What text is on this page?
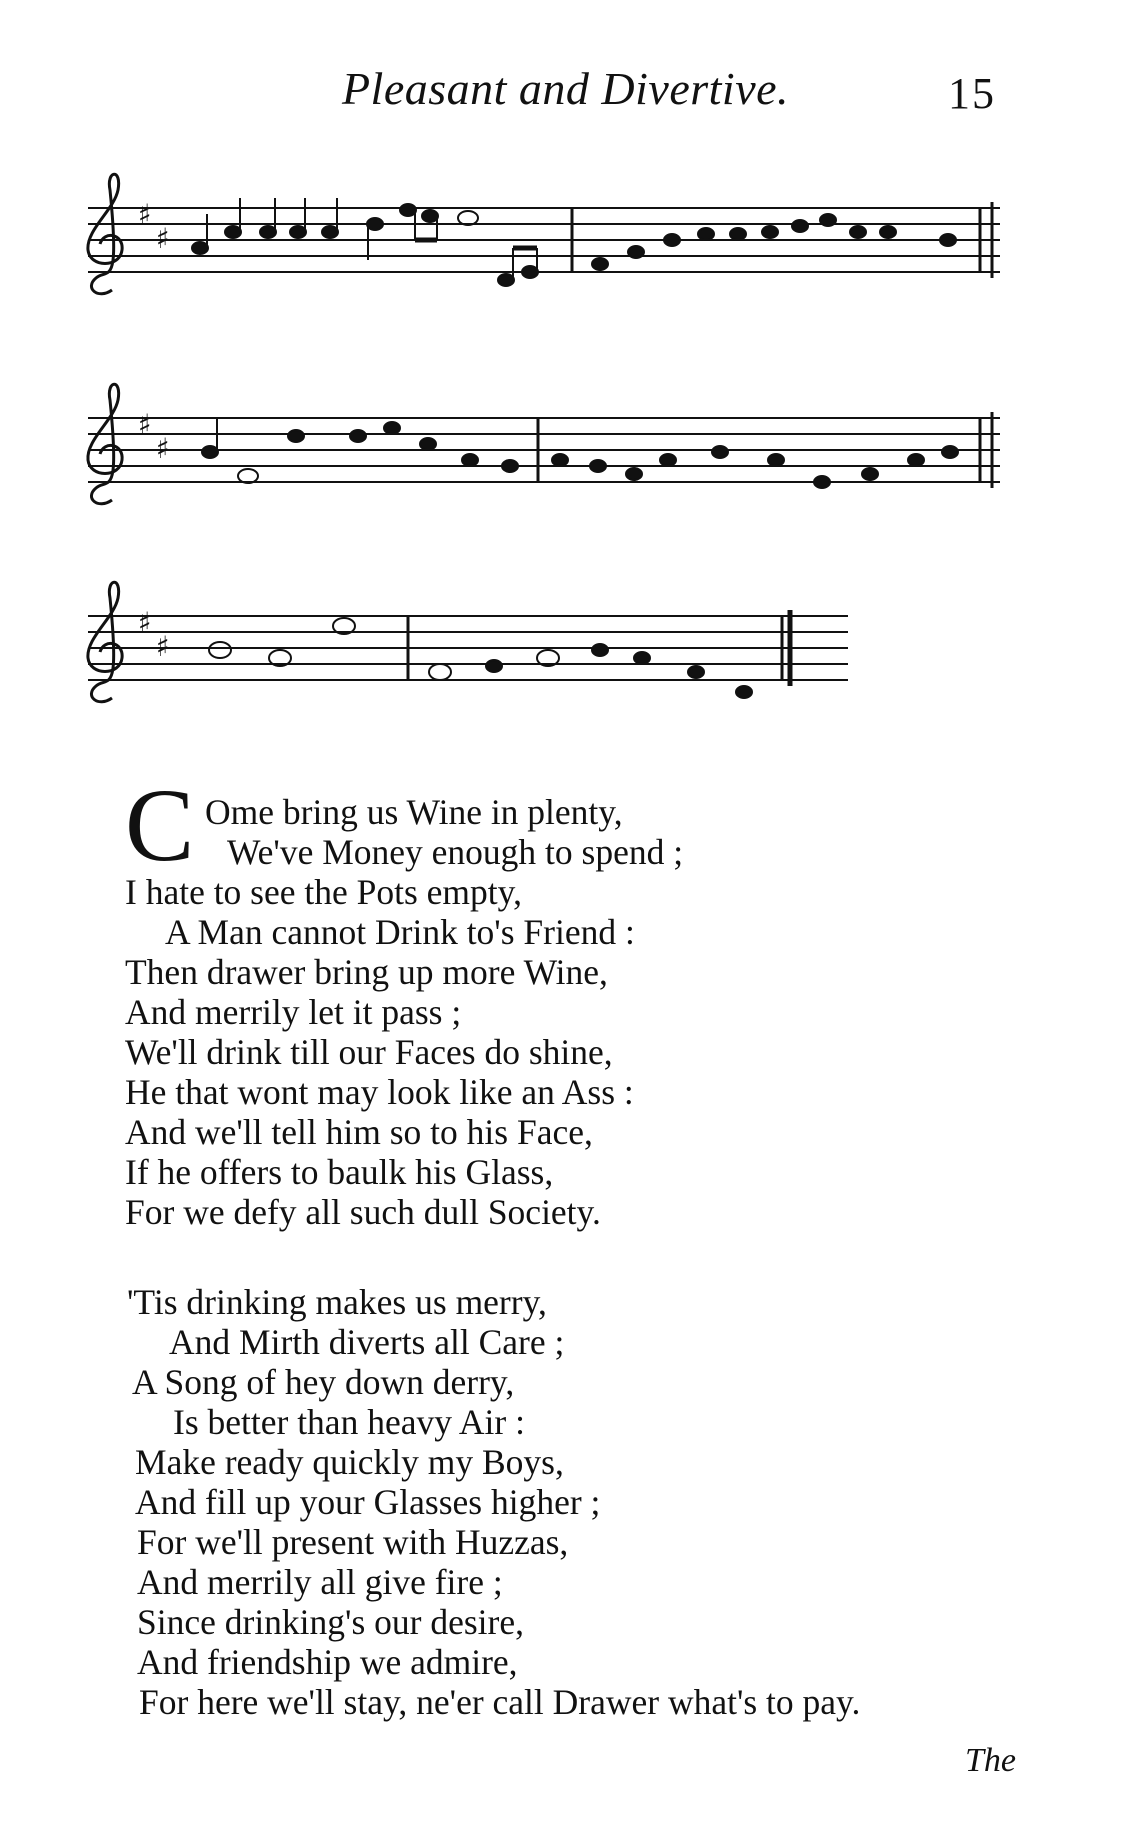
Pleasant and Divertive.	15
♯
♯
♯
♯
♯
♯
C Ome bring us Wine in plenty,
We've Money enough to spend ;
I hate to see the Pots empty,
A Man cannot Drink to's Friend :
Then drawer bring up more Wine,
And merrily let it pass ;
We'll drink till our Faces do shine,
He that wont may look like an Ass :
And we'll tell him so to his Face,
If he offers to baulk his Glass,
For we defy all such dull Society.
'Tis drinking makes us merry,
And Mirth diverts all Care ;
A Song of hey down derry,
Is better than heavy Air :
Make ready quickly my Boys,
And fill up your Glasses higher ;
For we'll present with Huzzas,
And merrily all give fire ;
Since drinking's our desire,
And friendship we admire,
For here we'll stay, ne'er call Drawer what's to pay.
The
